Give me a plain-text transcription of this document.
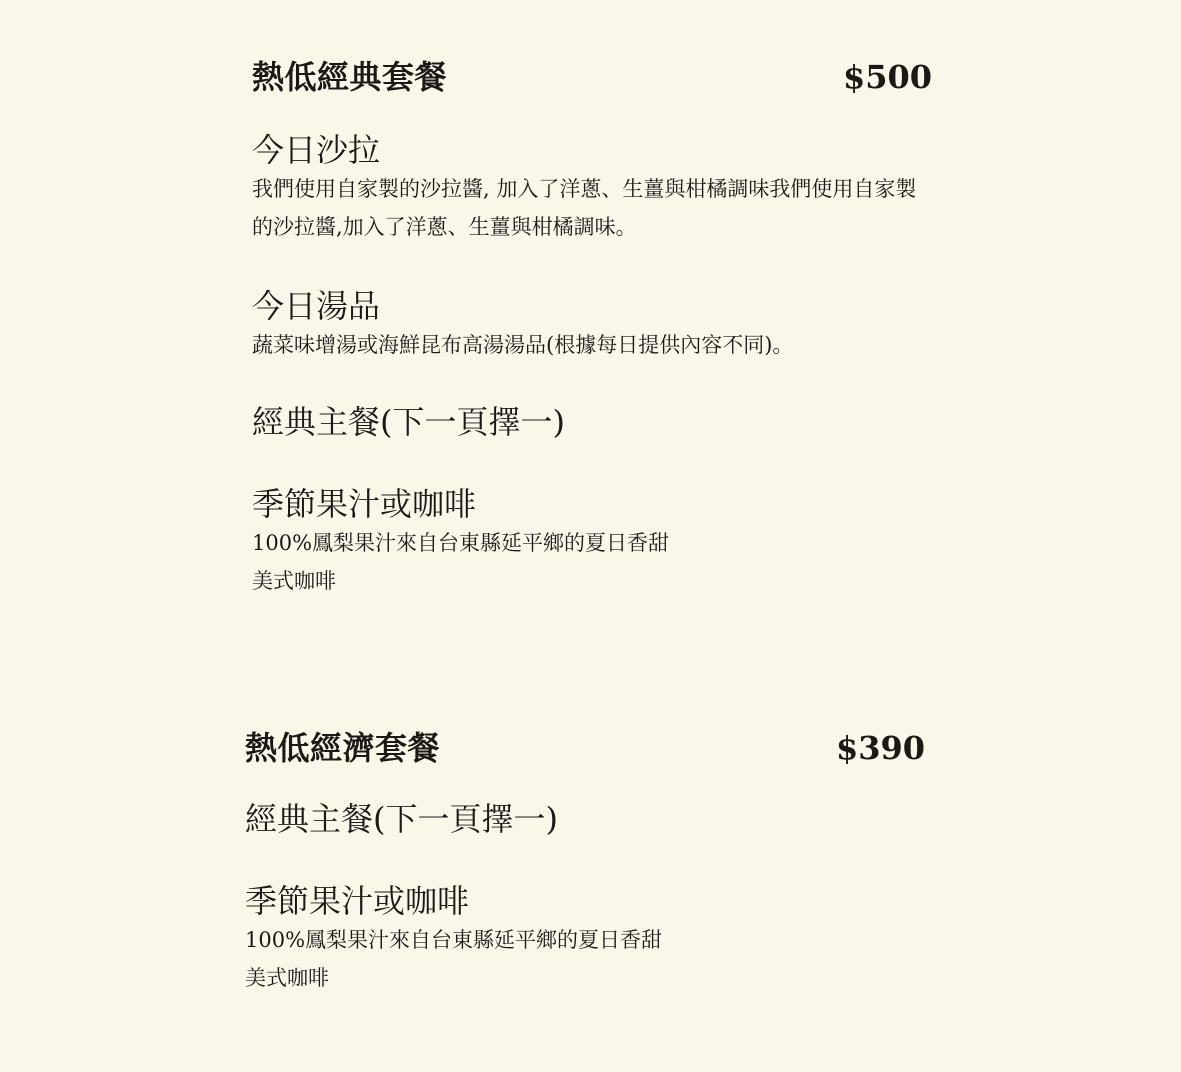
熱低經典套餐	$500
今日沙拉
我們使用自家製的沙拉醬, 加入了洋蔥、生薑與柑橘調味我們使用自家製的沙拉醬,加入了洋蔥、生薑與柑橘調味。
今日湯品
蔬菜味增湯或海鮮昆布高湯湯品(根據每日提供內容不同)。
經典主餐(下一頁擇一)
季節果汁或咖啡
100%鳳梨果汁來自台東縣延平鄉的夏日香甜
美式咖啡
熱低經濟套餐	$390
經典主餐(下一頁擇一)
季節果汁或咖啡
100%鳳梨果汁來自台東縣延平鄉的夏日香甜
美式咖啡
